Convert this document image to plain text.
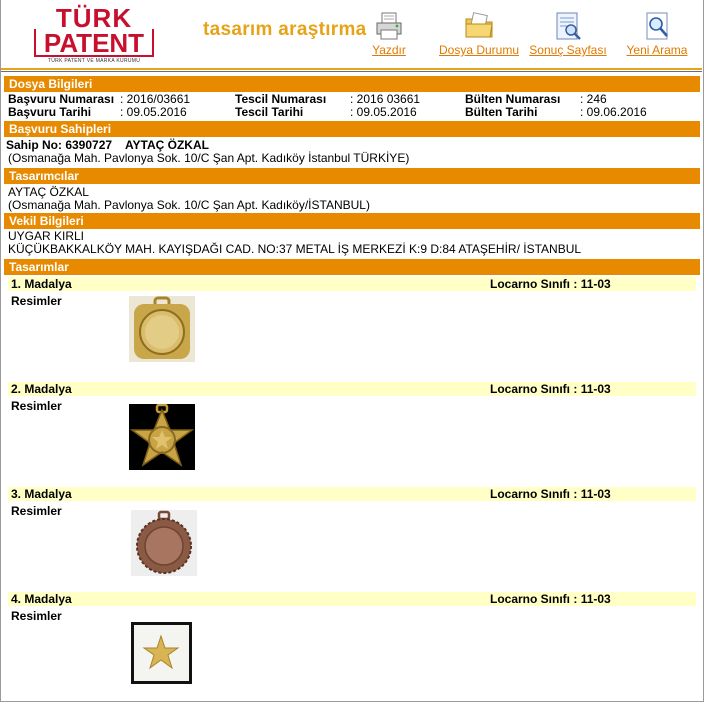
TÜRK
PATENT
TÜRK PATENT VE MARKA KURUMU
tasarım araştırma
Yazdır	Dosya Durumu Sonuç Sayfası	Yeni Arama
Dosya Bilgileri
Başvuru Numarası : 2016/03661	Tescil Numarası : 2016 03661	Bülten Numarası : 246
Başvuru Tarihi : 09.05.2016	Tescil Tarihi	: 09.05.2016	Bülten Tarihi	: 09.06.2016
Başvuru Sahipleri
Sahip No: 6390727    AYTAÇ ÖZKAL
(Osmanağa Mah. Pavlonya Sok. 10/C Şan Apt. Kadıköy İstanbul TÜRKİYE)
Tasarımcılar
AYTAÇ ÖZKAL
(Osmanağa Mah. Pavlonya Sok. 10/C Şan Apt. Kadıköy/İSTANBUL)
Vekil Bilgileri
UYGAR KIRLI
KÜÇÜKBAKKALKÖY MAH. KAYIŞDAĞI CAD. NO:37 METAL İŞ MERKEZİ K:9 D:84 ATAŞEHİR/ İSTANBUL
Tasarımlar
1. Madalya	Locarno Sınıfı : 11-03
Resimler
2. Madalya	Locarno Sınıfı : 11-03
Resimler
3. Madalya	Locarno Sınıfı : 11-03
Resimler
4. Madalya	Locarno Sınıfı : 11-03
Resimler
